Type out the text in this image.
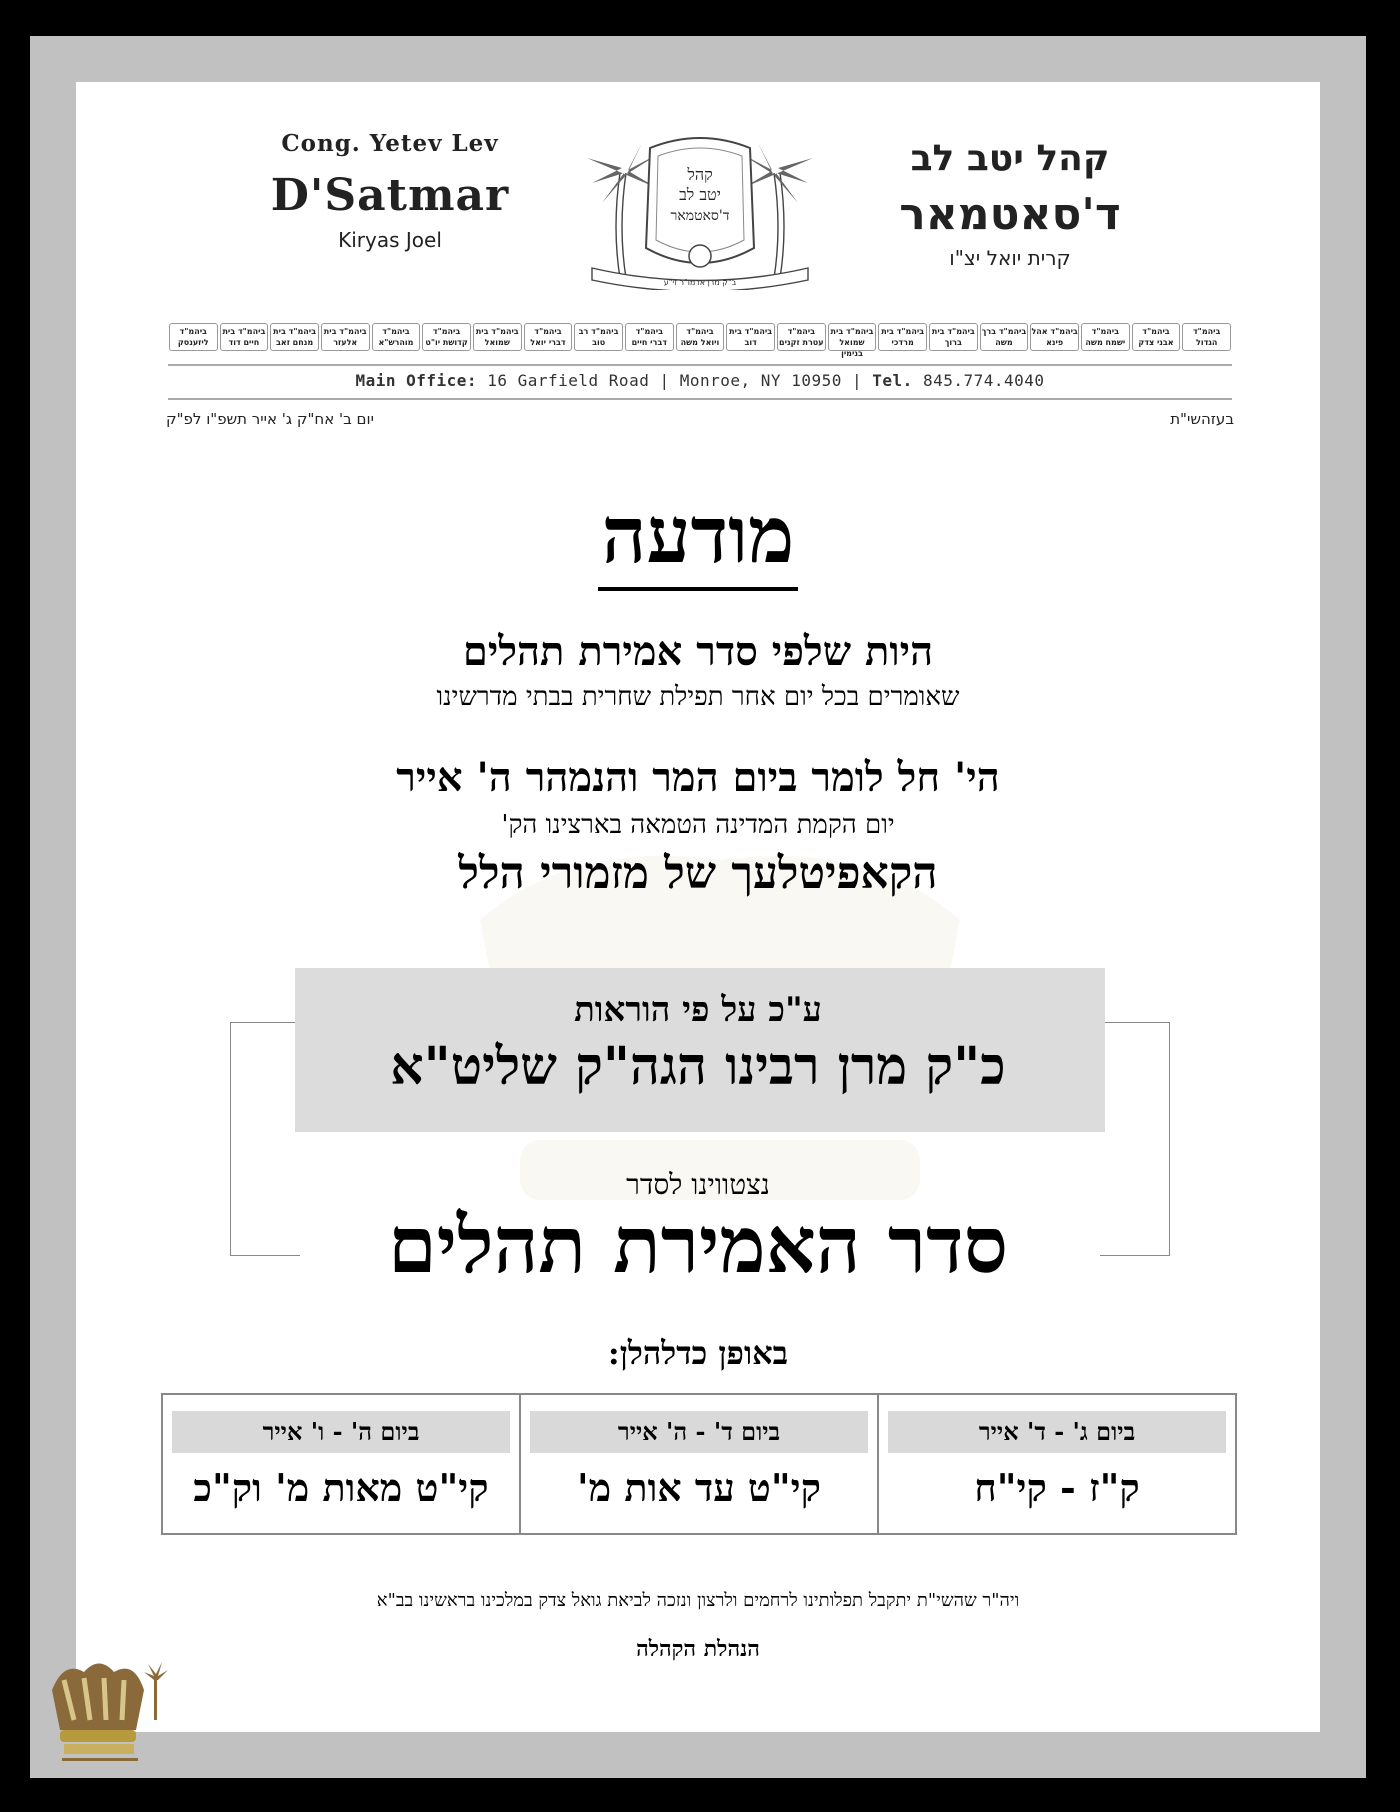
Cong. Yetev Lev
D'Satmar
Kiryas Joel
קהל
יטב לב
ד'סאטמאר
ב"ק מרן אדמו"ר זי"ע
קהל יטב לב
ד'סאטמאר
קרית יואל יצ"ו
ביהמ"ד הגדול
ביהמ"ד אבני צדק
ביהמ"ד ישמח משה
ביהמ"ד אהל פינא
ביהמ"ד ברך משה
ביהמ"ד בית ברוך
ביהמ"ד בית מרדכי
ביהמ"ד בית שמואל בנימין
ביהמ"ד עטרת זקנים
ביהמ"ד בית דוב
ביהמ"ד ויואל משה
ביהמ"ד דברי חיים
ביהמ"ד רב טוב
ביהמ"ד דברי יואל
ביהמ"ד בית שמואל
ביהמ"ד קדושת יו"ט
ביהמ"ד מוהרש"א
ביהמ"ד בית אלעזר
ביהמ"ד בית מנחם זאב
ביהמ"ד בית חיים דוד
ביהמ"ד ליזענסק
Main Office: 16 Garfield Road | Monroe, NY 10950 | Tel. 845.774.4040
יום ב' אח"ק ג' אייר תשפ"ו לפ"ק	בעזהשי"ת
מודעה
היות שלפי סדר אמירת תהלים
שאומרים בכל יום אחר תפילת שחרית בבתי מדרשינו
הי' חל לומר ביום המר והנמהר ה' אייר
יום הקמת המדינה הטמאה בארצינו הק'
הקאפיטלעך של מזמורי הלל
ע"כ על פי הוראות
כ"ק מרן רבינו הגה"ק שליט"א
נצטווינו לסדר
סדר האמירת תהלים
באופן כדלהלן:
ביום ג' - ד' אייר
ק"ז - קי"ח
ביום ד' - ה' אייר
קי"ט עד אות מ'
ביום ה' - ו' אייר
קי"ט מאות מ' וק"כ
ויה"ר שהשי"ת יתקבל תפלותינו לרחמים ולרצון ונזכה לביאת גואל צדק במלכינו בראשינו בב"א
הנהלת הקהלה
